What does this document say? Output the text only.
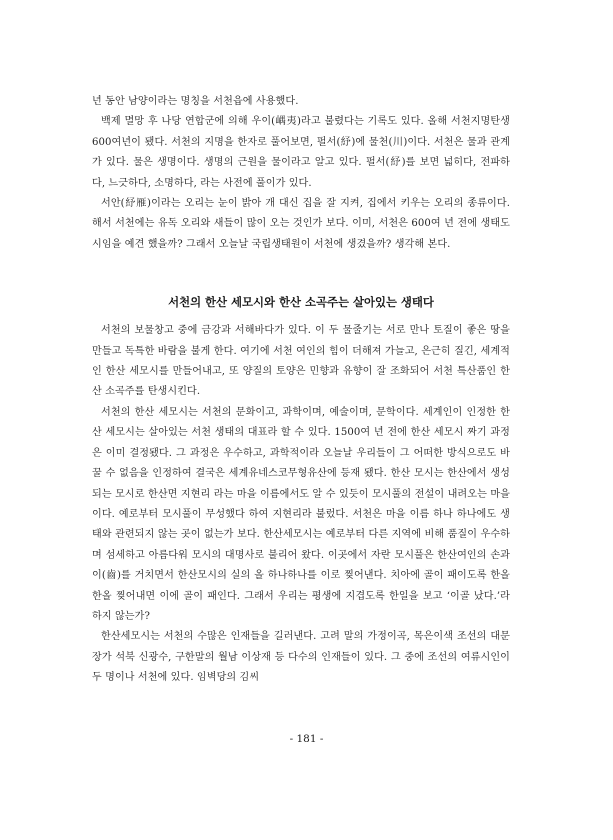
년 동안 남양이라는 명칭을 서천읍에 사용했다.

백제 멸망 후 나당 연합군에 의해 우이(嵎夷)라고 불렸다는 기록도 있다. 올해 서천지명탄생 600여년이 됐다. 서천의 지명을 한자로 풀어보면, 펄서(紓)에 물천(川)이다. 서천은 물과 관계가 있다. 물은 생명이다. 생명의 근원을 물이라고 알고 있다. 펄서(紓)를 보면 넓히다, 전파하다, 느긋하다, 소명하다, 라는 사전에 풀이가 있다.

서안(紓雁)이라는 오리는 눈이 밝아 개 대신 집을 잘 지켜, 집에서 키우는 오리의 종류이다. 해서 서천에는 유독 오리와 새들이 많이 오는 것인가 보다. 이미, 서천은 600여 년 전에 생태도시임을 예견 했을까? 그래서 오늘날 국립생태원이 서천에 생겼을까? 생각해 본다.

서천의 한산 세모시와 한산 소곡주는 살아있는 생태다

서천의 보물창고 중에 금강과 서해바다가 있다. 이 두 물줄기는 서로 만나 토질이 좋은 땅을 만들고 독특한 바람을 불게 한다. 여기에 서천 여인의 힘이 더해져 가늘고, 은근히 질긴, 세계적인 한산 세모시를 만들어내고, 또 양질의 토양은 민향과 유향이 잘 조화되어 서천 특산품인 한산 소곡주를 탄생시킨다.

서천의 한산 세모시는 서천의 문화이고, 과학이며, 예술이며, 문학이다. 세계인이 인정한 한산 세모시는 살아있는 서천 생태의 대표라 할 수 있다. 1500여 년 전에 한산 세모시 짜기 과정은 이미 결정됐다. 그 과정은 우수하고, 과학적이라 오늘날 우리들이 그 어떠한 방식으로도 바꿀 수 없음을 인정하여 결국은 세계유네스코무형유산에 등재 됐다. 한산 모시는 한산에서 생성되는 모시로 한산면 지현리 라는 마을 이름에서도 알 수 있듯이 모시풀의 전설이 내려오는 마을이다. 예로부터 모시풀이 무성했다 하여 지현리라 불렀다. 서천은 마을 이름 하나 하나에도 생태와 관련되지 않는 곳이 없는가 보다. 한산세모시는 예로부터 다른 지역에 비해 품질이 우수하며 섬세하고 아름다워 모시의 대명사로 불리어 왔다. 이곳에서 자란 모시풀은 한산여인의 손과 이(齒)를 거치면서 한산모시의 실의 올 하나하나를 이로 찢어낸다. 치아에 골이 패이도록 한올한올 찢어내면 이에 골이 패인다. 그래서 우리는 평생에 지겹도록 한일을 보고 ‘이골 났다.’라 하지 않는가?

한산세모시는 서천의 수많은 인재들을 길러낸다. 고려 말의 가정이곡, 목은이색 조선의 대문장가 석북 신광수, 구한말의 월남 이상재 등 다수의 인재들이 있다. 그 중에 조선의 여류시인이 두 명이나 서천에 있다. 임벽당의 김씨

- 181 -
